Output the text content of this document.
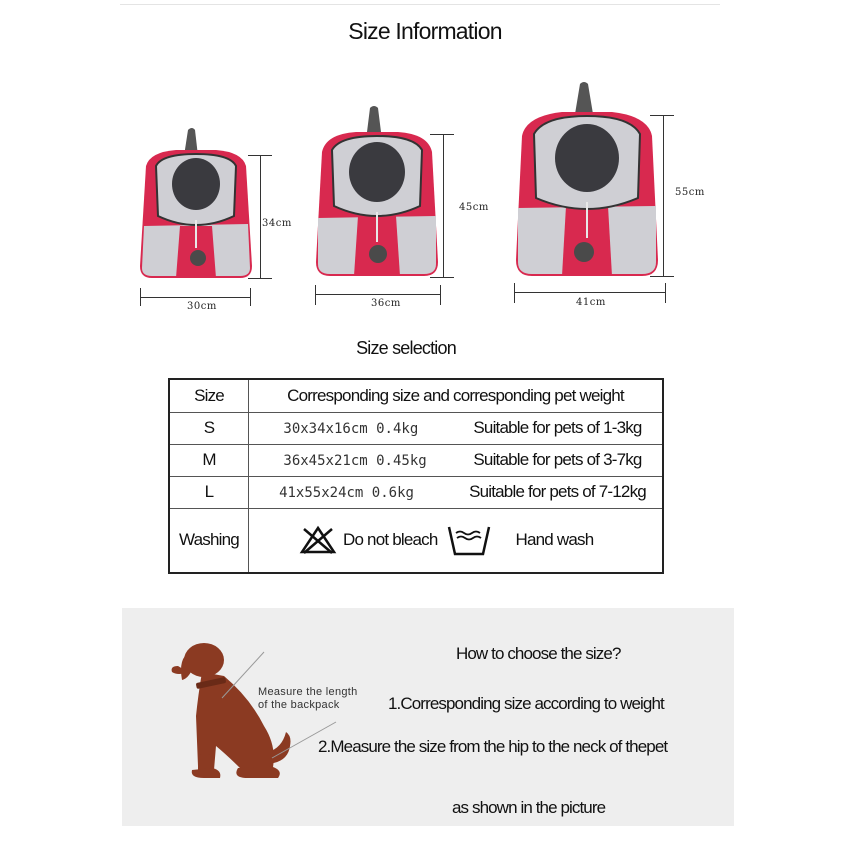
Size Information
34cm
30cm
45cm
36cm
55cm
41cm
Size selection
Size	Corresponding size and corresponding pet weight
S	30x34x16cm 0.4kg Suitable for pets of 1-3kg
M	36x45x21cm 0.45kg Suitable for pets of 3-7kg
L	41x55x24cm 0.6kg Suitable for pets of 7-12kg
Washing	Do not bleach Hand wash
Measure the length
of the backpack
How to choose the size?
1.Corresponding size according to weight
2.Measure the size from the hip to the neck of thepet
as shown in the picture
